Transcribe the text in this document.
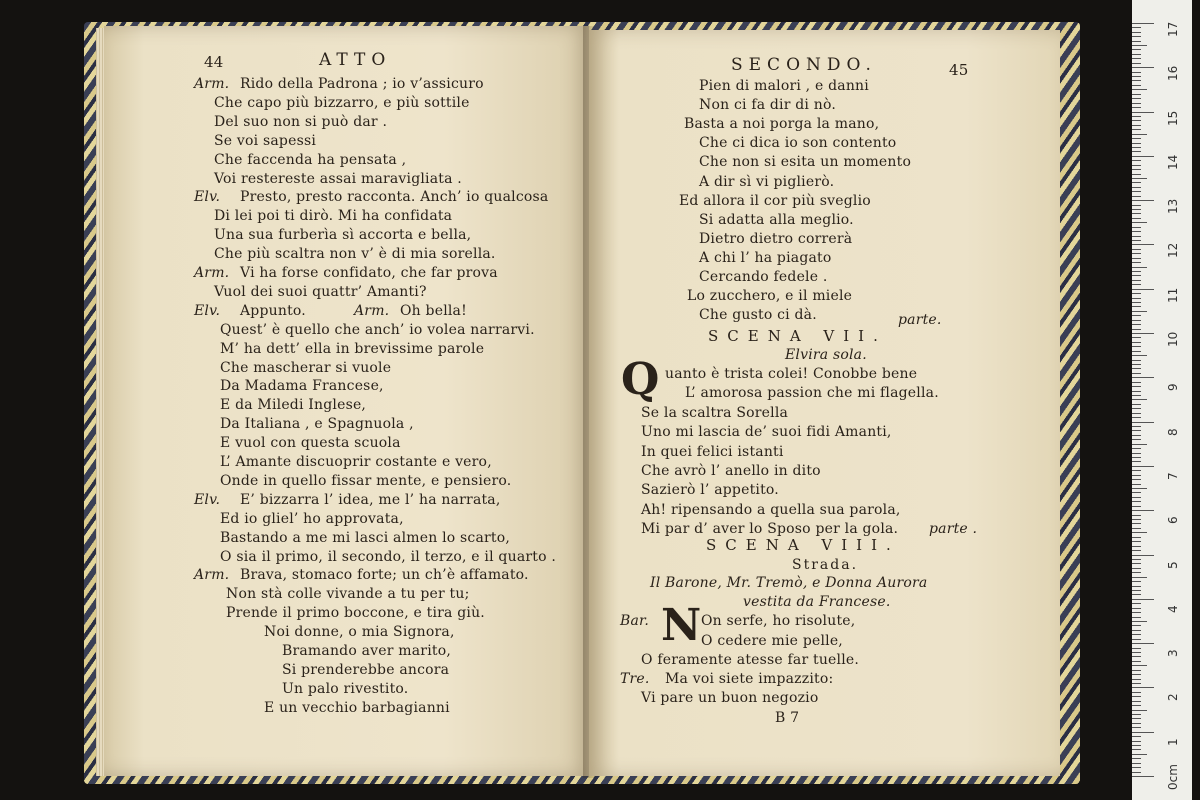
44	ATTO
Arm. Rido della Padrona ; io v’assicuro
Che capo più bizzarro, e più sottile
Del suo non si può dar .
Se voi sapessi
Che faccenda ha pensata ,
Voi restereste assai maravigliata .
Elv. Presto, presto racconta. Anch’ io qualcosa
Di lei poi ti dirò. Mi ha confidata
Una sua furberìa sì accorta e bella,
Che più scaltra non v’ è di mia sorella.
Arm. Vi ha forse confidato, che far prova
Vuol dei suoi quattr’ Amanti?
Elv. Appunto.	Arm. Oh bella!
Quest’ è quello che anch’ io volea narrarvi.
M’ ha dett’ ella in brevissime parole
Che mascherar si vuole
Da Madama Francese,
E da Miledi Inglese,
Da Italiana , e Spagnuola ,
E vuol con questa scuola
L’ Amante discuoprir costante e vero,
Onde in quello fissar mente, e pensiero.
Elv. E’ bizzarra l’ idea, me l’ ha narrata,
Ed io gliel’ ho approvata,
Bastando a me mi lasci almen lo scarto,
O sia il primo, il secondo, il terzo, e il quarto .
Arm. Brava, stomaco forte; un ch’è affamato.
Non stà colle vivande a tu per tu;
Prende il primo boccone, e tira giù.
Noi donne, o mia Signora,
Bramando aver marito,
Si prenderebbe ancora
Un palo rivestito.
E un vecchio barbagianni
SECONDO.	45
Pien di malori , e danni
Non ci fa dir di nò.
Basta a noi porga la mano,
Che ci dica io son contento
Che non si esita un momento
A dir sì vi piglierò.
Ed allora il cor più sveglio
Si adatta alla meglio.
Dietro dietro correrà
A chi l’ ha piagato
Cercando fedele .
Lo zucchero, e il miele
Che gusto ci dà.	parte.
SCENA VII.
Elvira sola.
Q uanto è trista colei! Conobbe bene
L’ amorosa passion che mi flagella.
Se la scaltra Sorella
Uno mi lascia de’ suoi fidi Amanti,
In quei felici istanti
Che avrò l’ anello in dito
Sazierò l’ appetito.
Ah! ripensando a quella sua parola,
Mi par d’ aver lo Sposo per la gola. parte .
SCENA VIII.
Strada.
Il Barone, Mr. Tremò, e Donna Aurora
vestita da Francese.
Bar. N On serfe, ho risolute,
O cedere mie pelle,
O feramente atesse far tuelle.
Tre. Ma voi siete impazzito:
Vi pare un buon negozio
B 7
0cm
1
2
3
4
5
6
7
8
9
10
11
12
13
14
15
16
17
